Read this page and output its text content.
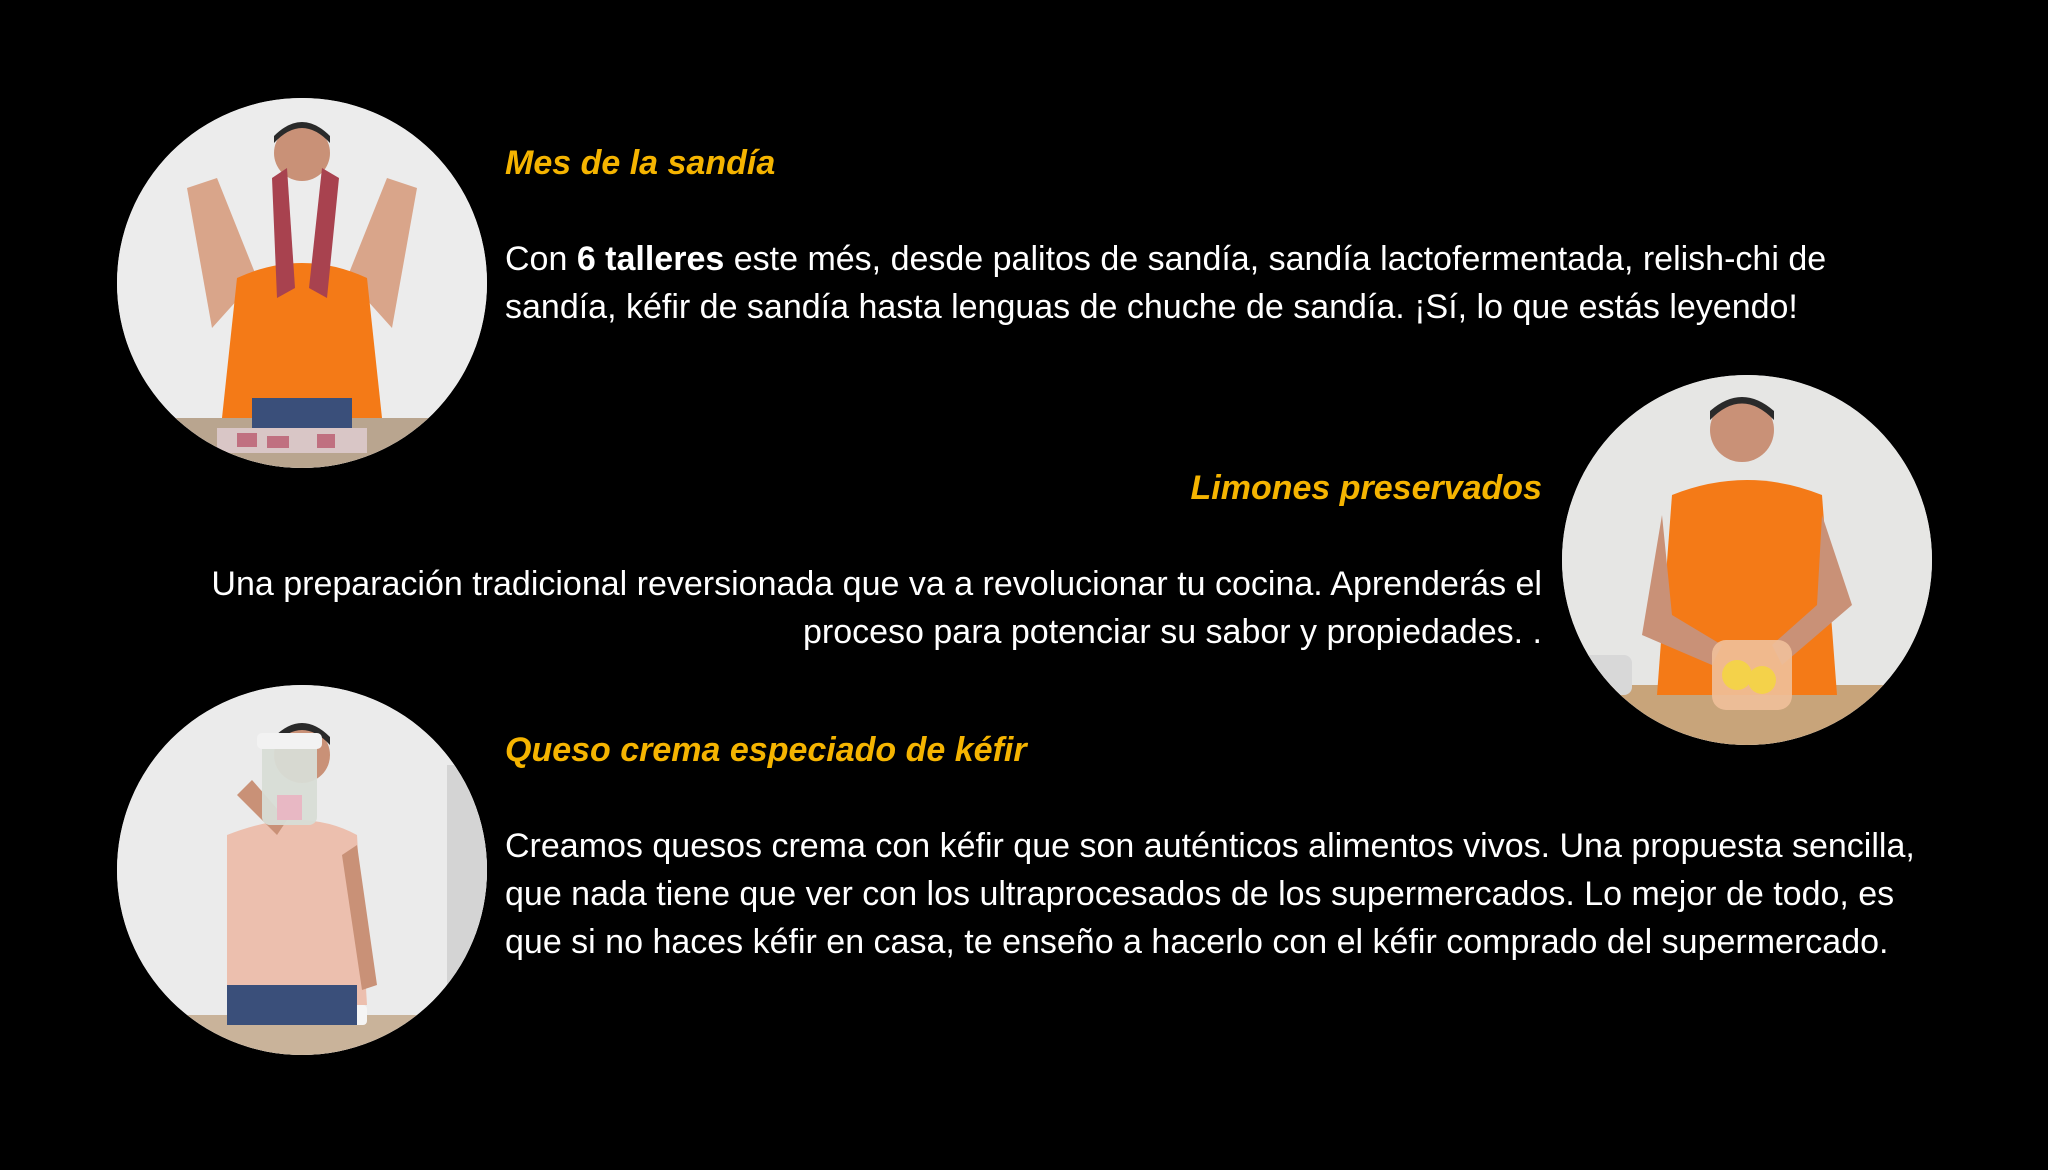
Mes de la sandía
Con 6 talleres este més, desde palitos de sandía, sandía lactofermentada, relish-chi de sandía, kéfir de sandía hasta lenguas de chuche de sandía. ¡Sí, lo que estás leyendo!
Limones preservados
Una preparación tradicional reversionada que va a revolucionar tu cocina. Aprenderás el proceso para potenciar su sabor y propiedades. .
Queso crema especiado de kéfir
Creamos quesos crema con kéfir que son auténticos alimentos vivos. Una propuesta sencilla, que nada tiene que ver con los ultraprocesados de los supermercados. Lo mejor de todo, es que si no haces kéfir en casa, te enseño a hacerlo con el kéfir comprado del supermercado.
